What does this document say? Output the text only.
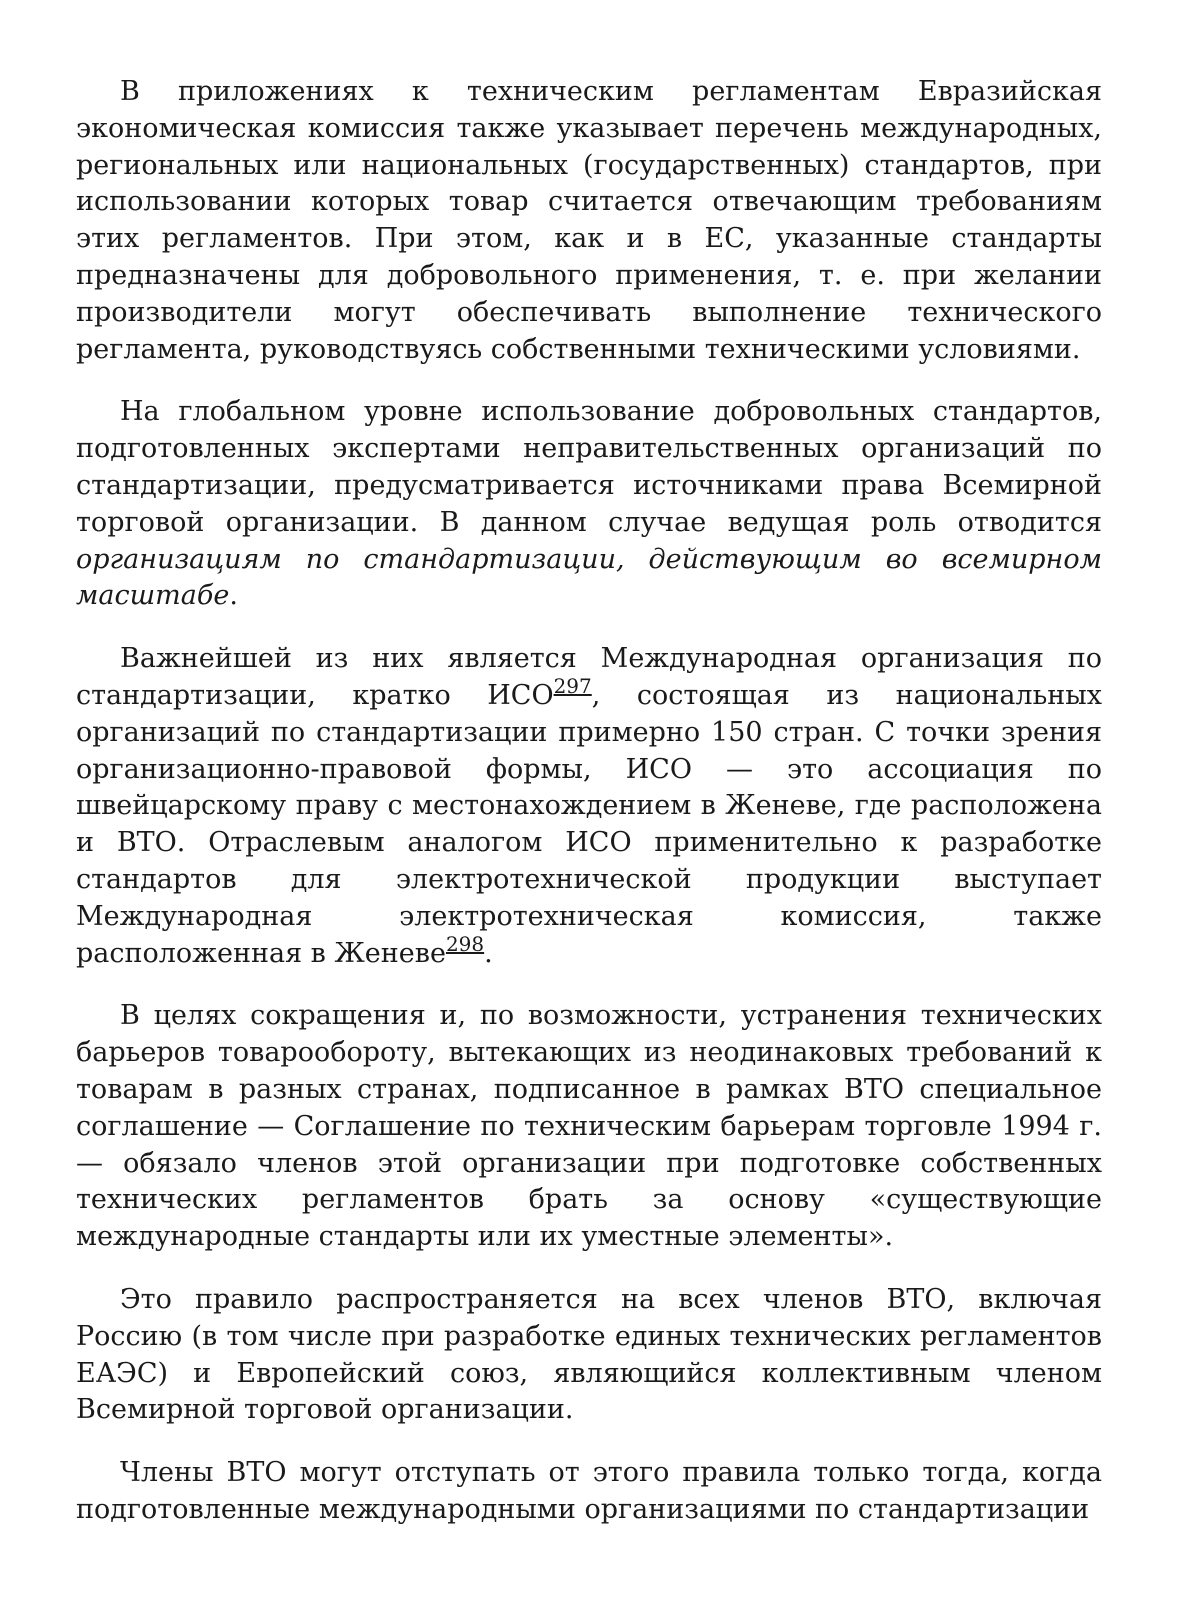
В приложениях к техническим регламентам Евразийская экономическая комиссия также указывает перечень международных, региональных или национальных (государственных) стандартов, при использовании которых товар считается отвечающим требованиям этих регламентов. При этом, как и в ЕС, указанные стандарты предназначены для добровольного применения, т. е. при желании производители могут обеспечивать выполнение технического регламента, руководствуясь собственными техническими условиями.

На глобальном уровне использование добровольных стандартов, подготовленных экспертами неправительственных организаций по стандартизации, предусматривается источниками права Всемирной торговой организации. В данном случае ведущая роль отводится организациям по стандартизации, действующим во всемирном масштабе.

Важнейшей из них является Международная организация по стандартизации, кратко ИСО$^{297}$, состоящая из национальных организаций по стандартизации примерно 150 стран. С точки зрения организационно-правовой формы, ИСО — это ассоциация по швейцарскому праву с местонахождением в Женеве, где расположена и ВТО. Отраслевым аналогом ИСО применительно к разработке стандартов для электротехнической продукции выступает Международная электротехническая комиссия, также расположенная в Женеве$^{298}$.

В целях сокращения и, по возможности, устранения технических барьеров товарообороту, вытекающих из неодинаковых требований к товарам в разных странах, подписанное в рамках ВТО специальное соглашение — Соглашение по техническим барьерам торговле 1994 г. — обязало членов этой организации при подготовке собственных технических регламентов брать за основу «существующие международные стандарты или их уместные элементы».

Это правило распространяется на всех членов ВТО, включая Россию (в том числе при разработке единых технических регламентов ЕАЭС) и Европейский союз, являющийся коллективным членом Всемирной торговой организации.

Члены ВТО могут отступать от этого правила только тогда, когда подготовленные международными организациями по стандартизации
